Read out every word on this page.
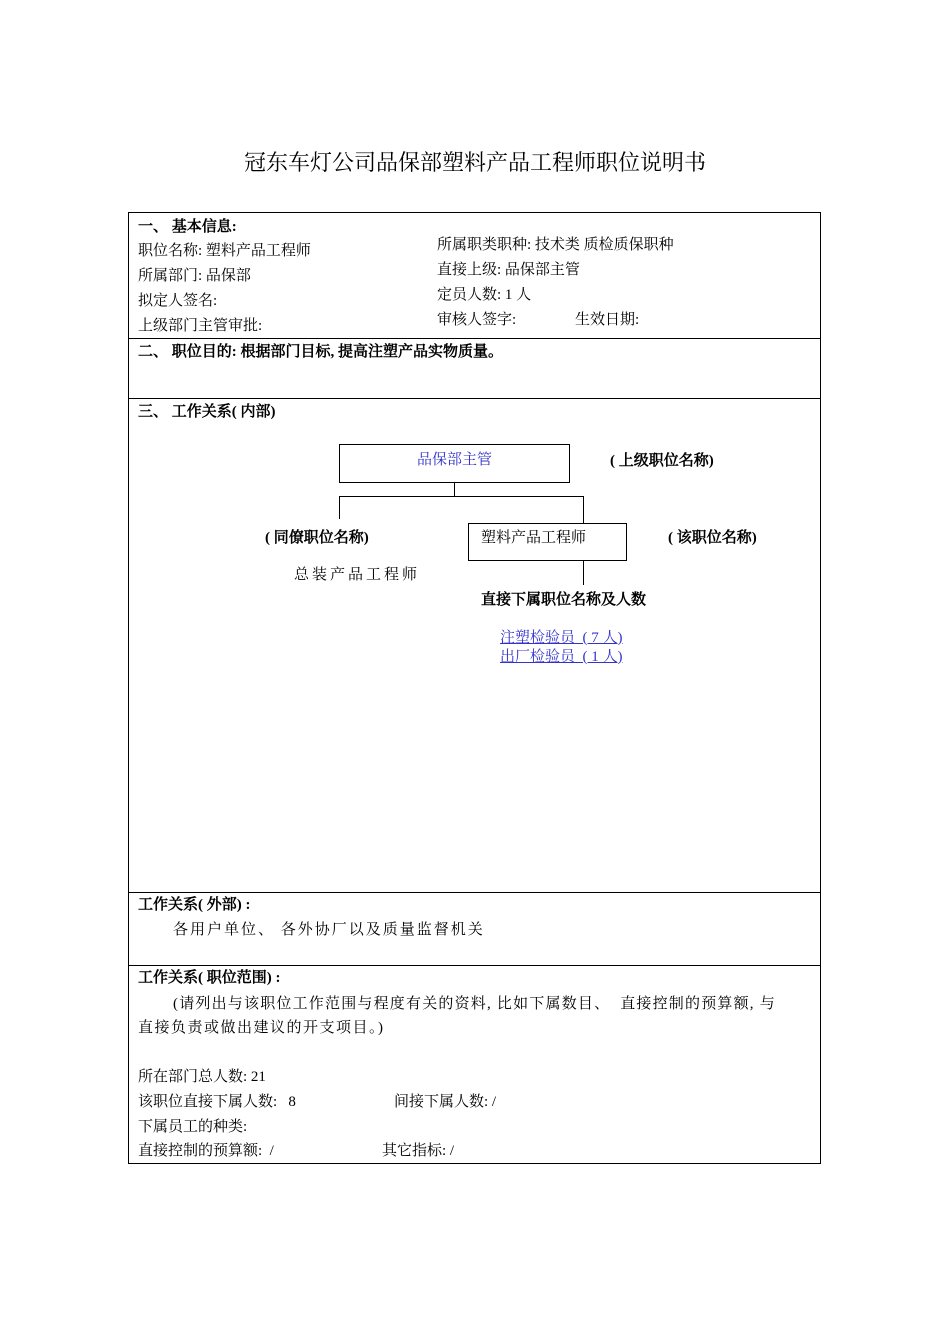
冠东车灯公司品保部塑料产品工程师职位说明书
一、 基本信息:
职位名称: 塑料产品工程师
所属部门: 品保部
拟定人签名:
上级部门主管审批:
所属职类职种: 技术类 质检质保职种
直接上级: 品保部主管
定员人数: 1 人
审核人签字:	生效日期:
二、 职位目的: 根据部门目标, 提高注塑产品实物质量。
三、 工作关系( 内部)
品保部主管	( 上级职位名称)
( 同僚职位名称)	塑料产品工程师	( 该职位名称)
总装产品工程师
直接下属职位名称及人数
注塑检验员  ( 7 人)
出厂检验员  ( 1 人)
工作关系( 外部) :
各用户单位、 各外协厂以及质量监督机关
工作关系( 职位范围) :
(请列出与该职位工作范围与程度有关的资料, 比如下属数目、  直接控制的预算额, 与
直接负责或做出建议的开支项目。)
所在部门总人数: 21
该职位直接下属人数:   8	间接下属人数: /
下属员工的种类:
直接控制的预算额:  /	其它指标: /
